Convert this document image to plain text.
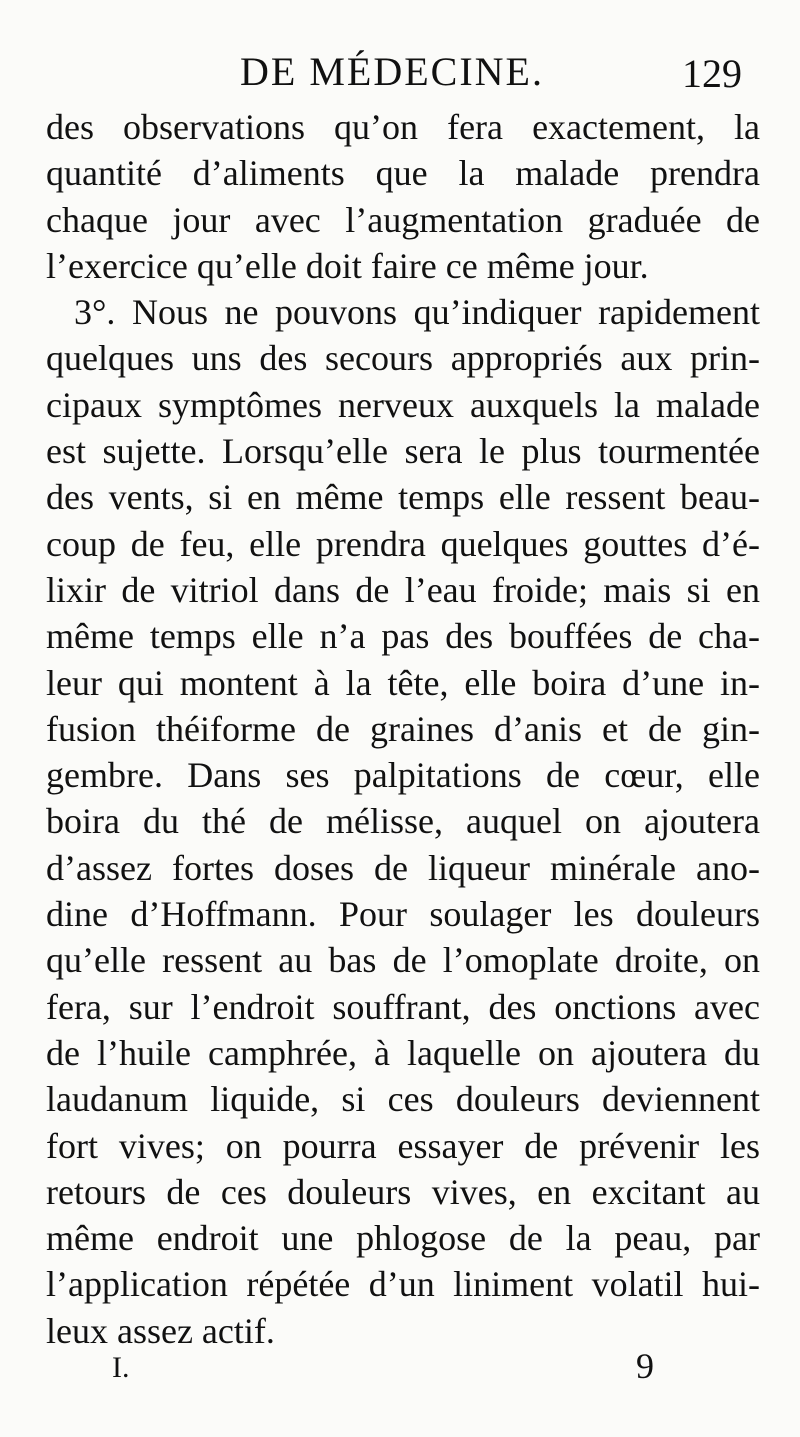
DE MÉDECINE.	129
des observations qu’on fera exactement, la
quantité d’aliments que la malade prendra
chaque jour avec l’augmentation graduée de
l’exercice qu’elle doit faire ce même jour.
3°. Nous ne pouvons qu’indiquer rapidement
quelques uns des secours appropriés aux prin-
cipaux symptômes nerveux auxquels la malade
est sujette. Lorsqu’elle sera le plus tourmentée
des vents, si en même temps elle ressent beau-
coup de feu, elle prendra quelques gouttes d’é-
lixir de vitriol dans de l’eau froide; mais si en
même temps elle n’a pas des bouffées de cha-
leur qui montent à la tête, elle boira d’une in-
fusion théiforme de graines d’anis et de gin-
gembre. Dans ses palpitations de cœur, elle
boira du thé de mélisse, auquel on ajoutera
d’assez fortes doses de liqueur minérale ano-
dine d’Hoffmann. Pour soulager les douleurs
qu’elle ressent au bas de l’omoplate droite, on
fera, sur l’endroit souffrant, des onctions avec
de l’huile camphrée, à laquelle on ajoutera du
laudanum liquide, si ces douleurs deviennent
fort vives; on pourra essayer de prévenir les
retours de ces douleurs vives, en excitant au
même endroit une phlogose de la peau, par
l’application répétée d’un liniment volatil hui-
leux assez actif.
I.	9
